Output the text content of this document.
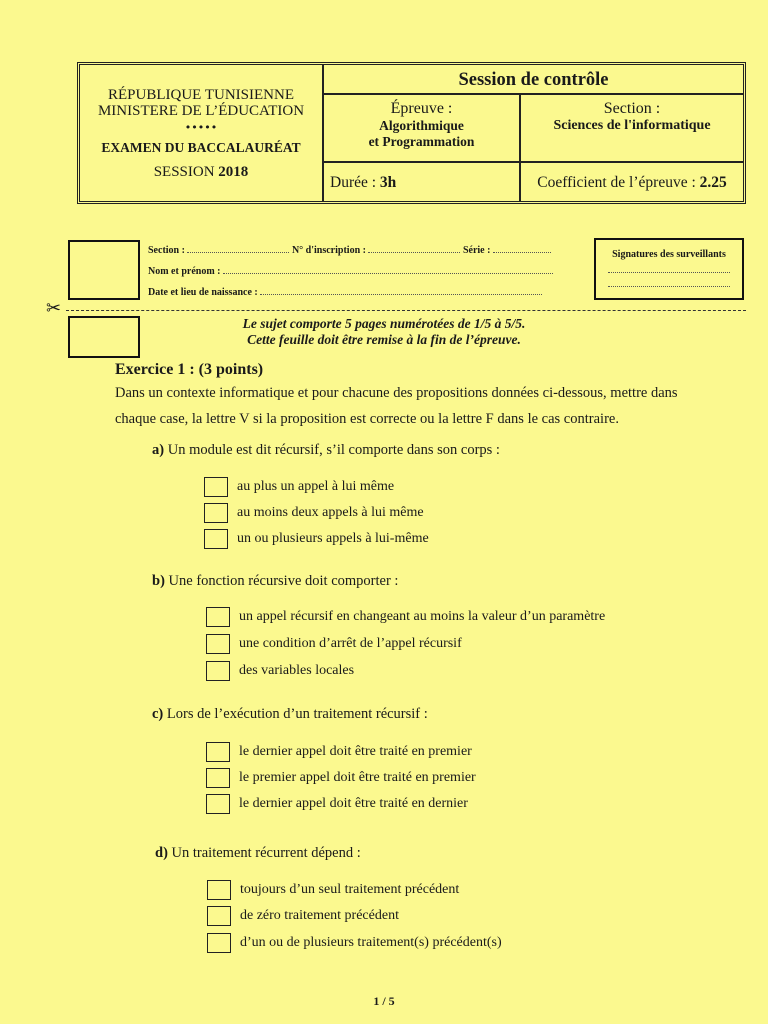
RÉPUBLIQUE TUNISIENNE
MINISTERE DE L’ÉDUCATION
•••••
EXAMEN DU BACCALAURÉAT
SESSION 2018
Session de contrôle
Épreuve :
Algorithmique
et Programmation
Section :
Sciences de l'informatique
Durée : 3h	Coefficient de l’épreuve : 2.25
Section :	N° d'inscription :	Série :
Nom et prénom :
Date et lieu de naissance :
Signatures des surveillants
✂
Le sujet comporte 5 pages numérotées de 1/5 à 5/5.
Cette feuille doit être remise à la fin de l’épreuve.
Exercice 1 : (3 points)
Dans un contexte informatique et pour chacune des propositions données ci-dessous, mettre dans
chaque case, la lettre V si la proposition est correcte ou la lettre F dans le cas contraire.
a) Un module est dit récursif, s’il comporte dans son corps :
au plus un appel à lui même
au moins deux appels à lui même
un ou plusieurs appels à lui-même
b) Une fonction récursive doit comporter :
un appel récursif en changeant au moins la valeur d’un paramètre
une condition d’arrêt de l’appel récursif
des variables locales
c) Lors de l’exécution d’un traitement récursif :
le dernier appel doit être traité en premier
le premier appel doit être traité en premier
le dernier appel doit être traité en dernier
d) Un traitement récurrent dépend :
toujours d’un seul traitement précédent
de zéro traitement précédent
d’un ou de plusieurs traitement(s) précédent(s)
1 / 5
